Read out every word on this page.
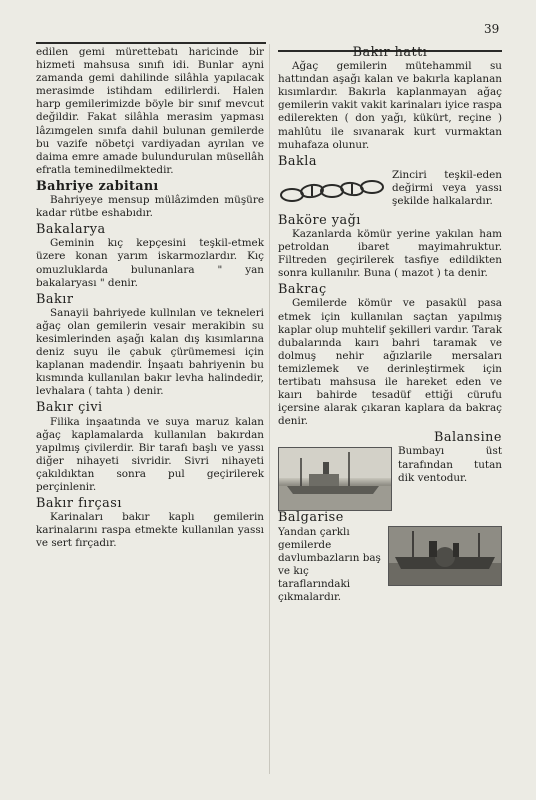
39

edilen gemi mürettebatı haricinde bir hizmeti mahsusa sınıfı idi. Bunlar ayni zamanda gemi dahilinde silâhla yapılacak merasimde istihdam edilirlerdi. Halen harp gemilerimizde böyle bir sınıf mevcut değildir. Fakat silâhla merasim yapması lâzımgelen sınıfa dahil bulunan gemilerde bu vazife nöbetçi vardiyadan ayrılan ve daima emre amade bulundurulan müsellâh efratla teminedilmektedir.

Bahriye zabitanı

Bahriyeye mensup mülâzimden müşüre kadar rütbe eshabıdır.

Bakalarya

Geminin kıç kepçesini teşkil-etmek üzere konan yarım iskarmozlardır. Kıç omuzluklarda bulunanlara " yan bakalaryası " denir.

Bakır

Sanayii bahriyede kullnılan ve tekneleri ağaç olan gemilerin vesair merakibin su kesimlerinden aşağı kalan dış kısımlarına deniz suyu ile çabuk çürümemesi için kaplanan madendir. İnşaatı bahriyenin bu kısmında kullanılan bakır levha halindedir, levhalara ( tahta ) denir.

Bakır çivi

Filika inşaatında ve suya maruz kalan ağaç kaplamalarda kullanılan bakırdan yapılmış çivilerdir. Bir tarafı başlı ve yassı diğer nihayeti sivridir. Sivri nihayeti çakıldıktan sonra pul geçirilerek perçinlenir.

Bakır fırçası

Karinaları bakır kaplı gemilerin karinalarını raspa etmekte kullanılan yassı ve sert fırçadır.

Bakır hattı

Ağaç gemilerin mütehammil su hattından aşağı kalan ve bakırla kaplanan kısımlardır. Bakırla kaplanmayan ağaç gemilerin vakit vakit karinaları iyice raspa edilerekten ( don yağı, kükürt, reçine ) mahlûtu ile sıvanarak kurt vurmaktan muhafaza olunur.

Bakla

Zinciri teşkil-eden değirmi veya yassı şekilde halkalardır.

Baköre yağı

Kazanlarda kömür yerine yakılan ham petroldan ibaret mayimahruktur. Filtreden geçirilerek tasfiye edildikten sonra kullanılır. Buna ( mazot ) ta denir.

Bakraç

Gemilerde kömür ve pasakül pasa etmek için kullanılan saçtan yapılmış kaplar olup muhtelif şekilleri vardır. Tarak dubalarında kaırı bahri taramak ve dolmuş nehir ağızlarile mersaları temizlemek ve derinleştirmek için tertibatı mahsusa ile hareket eden ve kaırı bahirde tesadüf ettiği cürufu içersine alarak çıkaran kaplara da bakraç denir.

Balansine

Bumbayı üst tarafından tutan dik ventodur.

Balgarise

Yandan çarklı gemilerde davlumbazların baş ve kıç taraflarındaki çıkmalardır.
